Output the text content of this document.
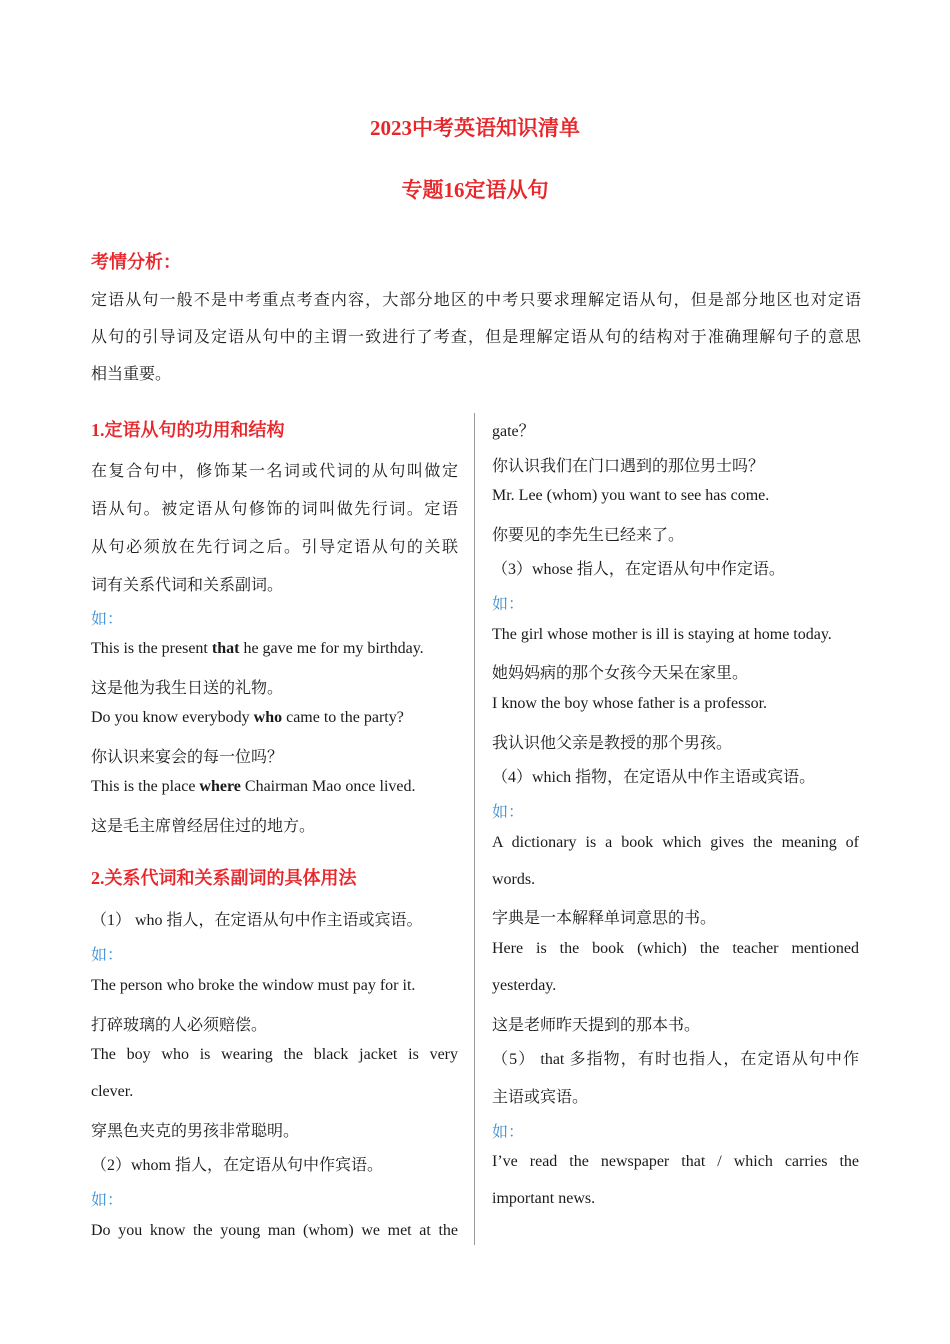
2023中考英语知识清单
专题16定语从句
考情分析：
定语从句一般不是中考重点考查内容，大部分地区的中考只要求理解定语从句，但是部分地区也对定语
从句的引导词及定语从句中的主谓一致进行了考查，但是理解定语从句的结构对于准确理解句子的意思
相当重要。
1.定语从句的功用和结构
在复合句中，修饰某一名词或代词的从句叫做定
语从句。被定语从句修饰的词叫做先行词。定语
从句必须放在先行词之后。引导定语从句的关联
词有关系代词和关系副词。
如：
This is the present that he gave me for my birthday.
这是他为我生日送的礼物。
Do you know everybody who came to the party?
你认识来宴会的每一位吗？
This is the place where Chairman Mao once lived.
这是毛主席曾经居住过的地方。
2.关系代词和关系副词的具体用法
（1） who 指人，在定语从句中作主语或宾语。
如：
The person who broke the window must pay for it.
打碎玻璃的人必须赔偿。
The boy who is wearing the black jacket is very
clever.
穿黑色夹克的男孩非常聪明。
（2）whom 指人，在定语从句中作宾语。
如：
Do you know the young man (whom) we met at the
gate？
你认识我们在门口遇到的那位男士吗？
Mr. Lee (whom) you want to see has come.
你要见的李先生已经来了。
（3）whose 指人，在定语从句中作定语。
如：
The girl whose mother is ill is staying at home today.
她妈妈病的那个女孩今天呆在家里。
I know the boy whose father is a professor.
我认识他父亲是教授的那个男孩。
（4）which 指物，在定语从中作主语或宾语。
如：
A dictionary is a book which gives the meaning of
words.
字典是一本解释单词意思的书。
Here is the book (which) the teacher mentioned
yesterday.
这是老师昨天提到的那本书。
（5） that 多指物，有时也指人，在定语从句中作
主语或宾语。
如：
I’ve read the newspaper that / which carries the
important news.
